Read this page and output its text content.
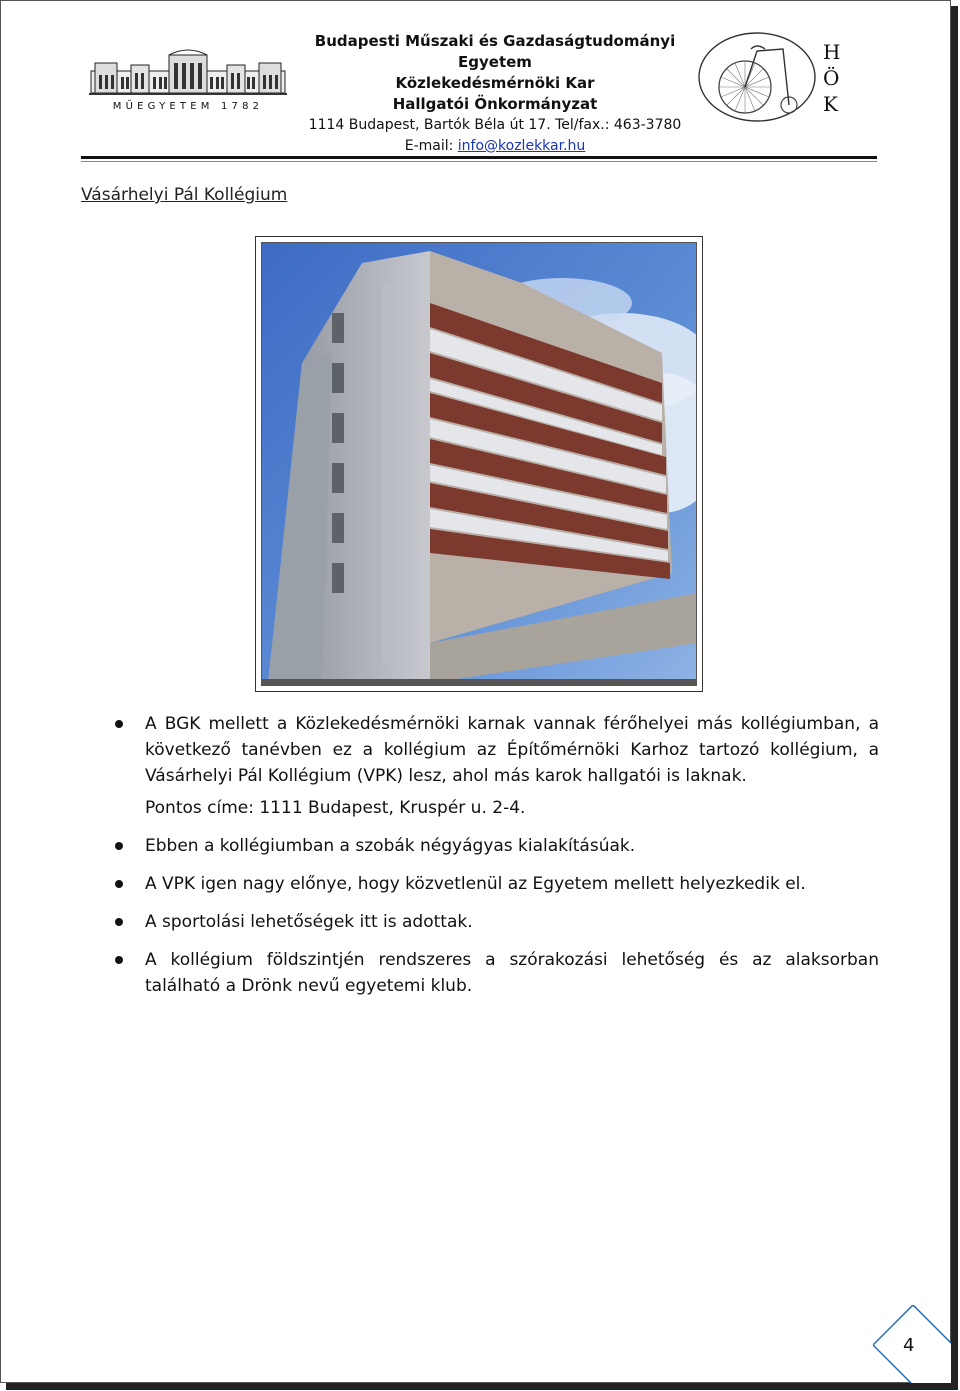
MŰEGYETEM 1782
Budapesti Műszaki és Gazdaságtudományi Egyetem
Közlekedésmérnöki Kar
Hallgatói Önkormányzat
1114 Budapest, Bartók Béla út 17. Tel/fax.: 463-3780
E-mail: info@kozlekkar.hu
H
Ö
K
Vásárhelyi Pál Kollégium
A BGK mellett a Közlekedésmérnöki karnak vannak férőhelyei más kollégiumban, a következő tanévben ez a kollégium az Építőmérnöki Karhoz tartozó kollégium, a Vásárhelyi Pál Kollégium (VPK) lesz, ahol más karok hallgatói is laknak.
Pontos címe: 1111 Budapest, Kruspér u. 2-4.
Ebben a kollégiumban a szobák négyágyas kialakításúak.
A VPK igen nagy előnye, hogy közvetlenül az Egyetem mellett helyezkedik el.
A sportolási lehetőségek itt is adottak.
A kollégium földszintjén rendszeres a szórakozási lehetőség és az alaksorban található a Drönk nevű egyetemi klub.
4
